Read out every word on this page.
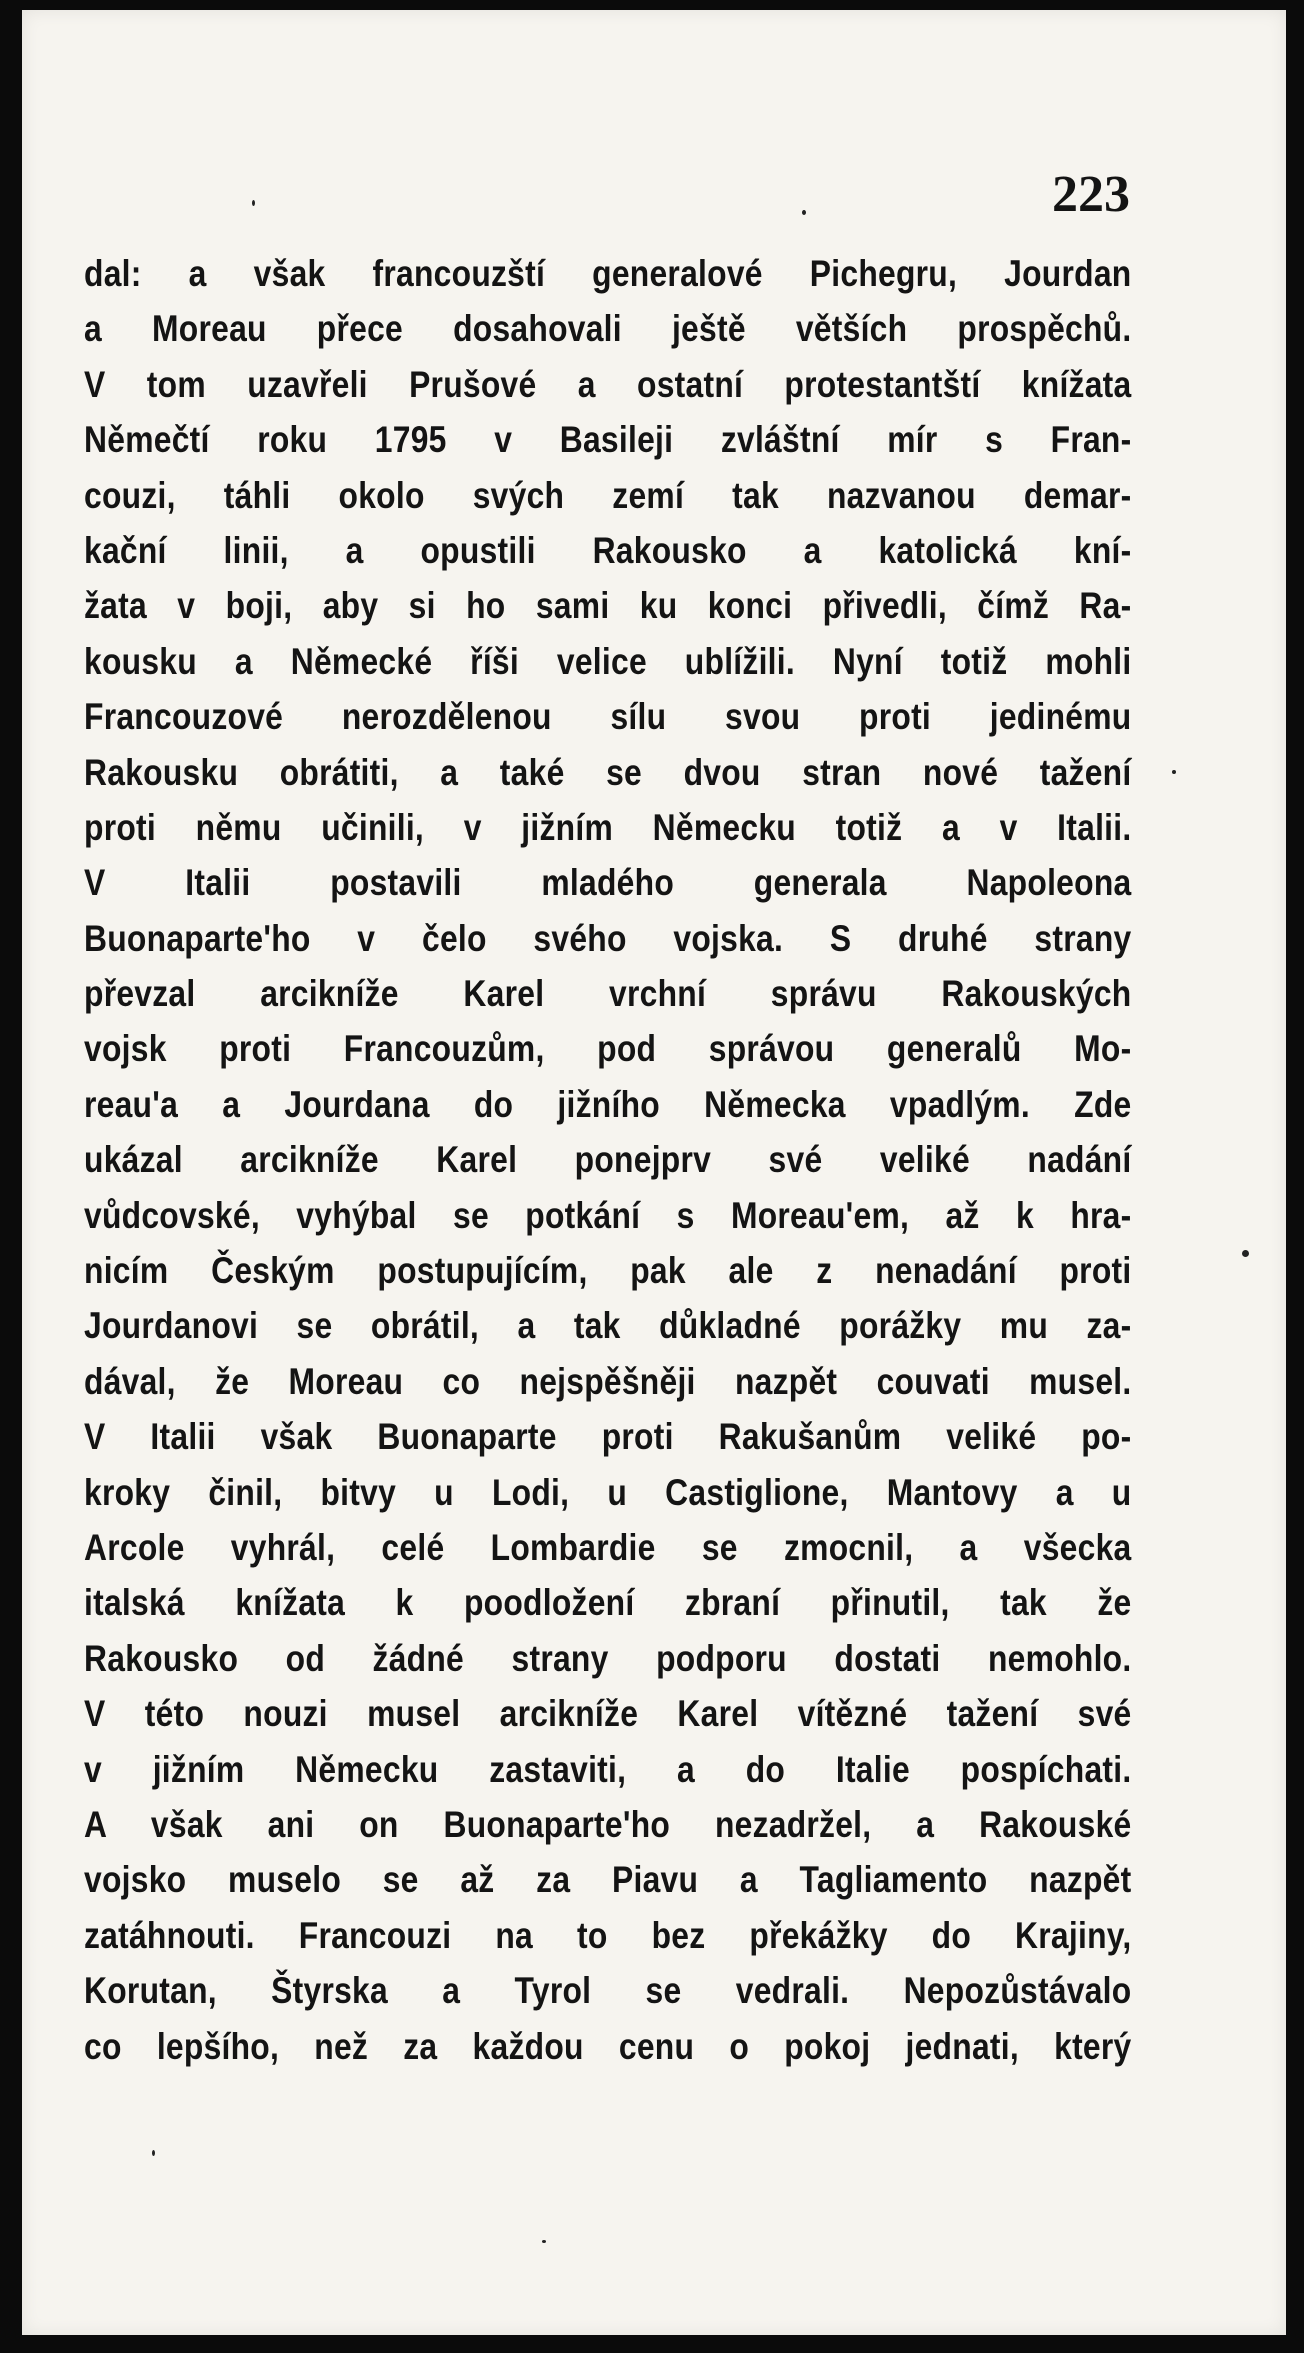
223
dal: a však francouzští generalové Pichegru, Jourdan
a Moreau přece dosahovali ještě větších prospěchů.
V tom uzavřeli Prušové a ostatní protestantští knížata
Němečtí roku 1795 v Basileji zvláštní mír s Fran-
couzi, táhli okolo svých zemí tak nazvanou demar-
kační linii, a opustili Rakousko a katolická kní-
žata v boji, aby si ho sami ku konci přivedli, čímž Ra-
kousku a Německé říši velice ublížili. Nyní totiž mohli
Francouzové nerozdělenou sílu svou proti jedinému
Rakousku obrátiti, a také se dvou stran nové tažení
proti němu učinili, v jižním Německu totiž a v Italii.
V Italii postavili mladého generala Napoleona
Buonaparte'ho v čelo svého vojska. S druhé strany
převzal arcikníže Karel vrchní správu Rakouských
vojsk proti Francouzům, pod správou generalů Mo-
reau'a a Jourdana do jižního Německa vpadlým. Zde
ukázal arcikníže Karel ponejprv své veliké nadání
vůdcovské, vyhýbal se potkání s Moreau'em, až k hra-
nicím Českým postupujícím, pak ale z nenadání proti
Jourdanovi se obrátil, a tak důkladné porážky mu za-
dával, že Moreau co nejspěšněji nazpět couvati musel.
V Italii však Buonaparte proti Rakušanům veliké po-
kroky činil, bitvy u Lodi, u Castiglione, Mantovy a u
Arcole vyhrál, celé Lombardie se zmocnil, a všecka
italská knížata k poodložení zbraní přinutil, tak že
Rakousko od žádné strany podporu dostati nemohlo.
V této nouzi musel arcikníže Karel vítězné tažení své
v jižním Německu zastaviti, a do Italie pospíchati.
A však ani on Buonaparte'ho nezadržel, a Rakouské
vojsko muselo se až za Piavu a Tagliamento nazpět
zatáhnouti. Francouzi na to bez překážky do Krajiny,
Korutan, Štyrska a Tyrol se vedrali. Nepozůstávalo
co lepšího, než za každou cenu o pokoj jednati, který
